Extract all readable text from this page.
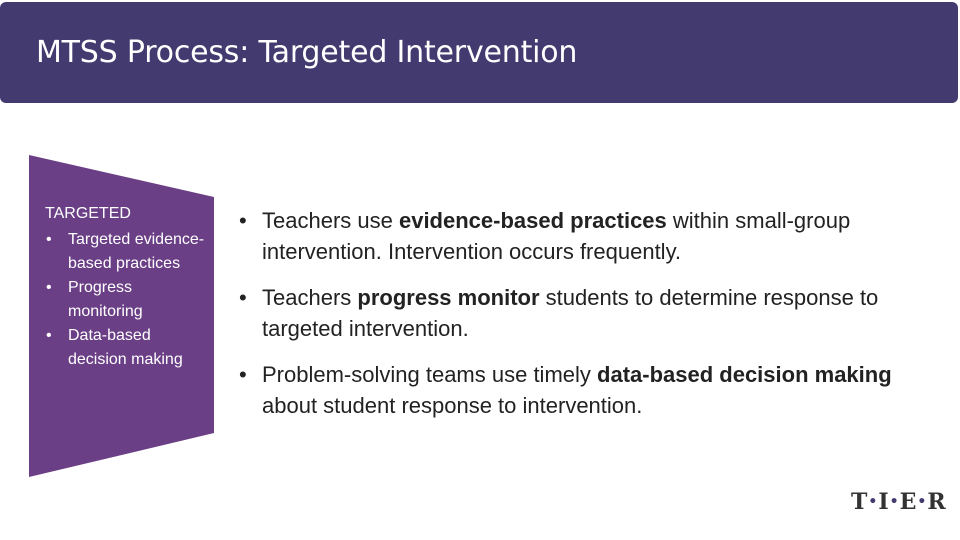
MTSS Process: Targeted Intervention
TARGETED
• Targeted evidence-based practices
• Progress monitoring
• Data-based decision making
• Teachers use evidence-based practices within small-group intervention. Intervention occurs frequently.
• Teachers progress monitor students to determine response to targeted intervention.
• Problem-solving teams use timely data-based decision making about student response to intervention.
T•I•E•R
